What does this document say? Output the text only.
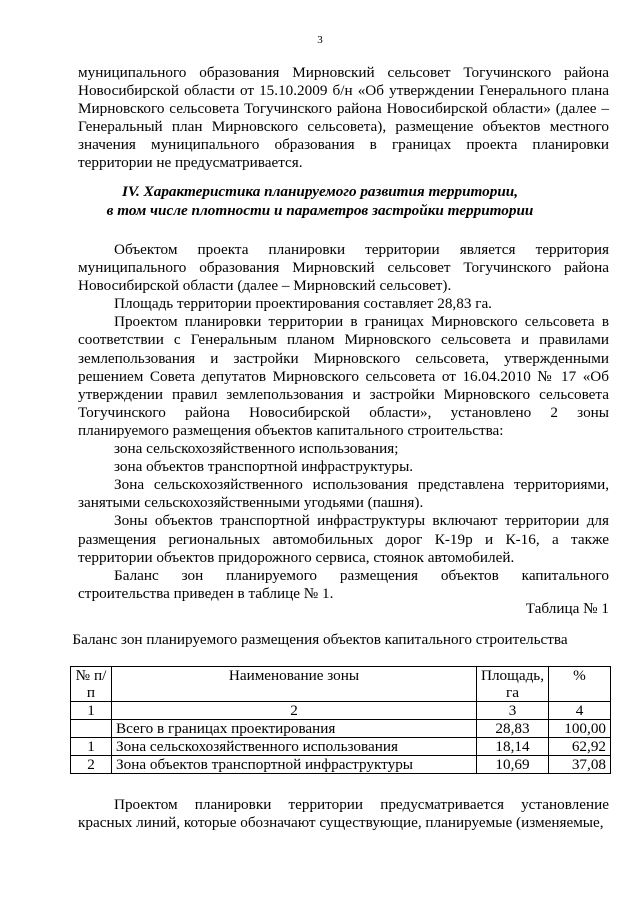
3

муниципального образования Мирновский сельсовет Тогучинского района Новосибирской области от 15.10.2009 б/н «Об утверждении Генерального плана Мирновского сельсовета Тогучинского района Новосибирской области» (далее – Генеральный план Мирновского сельсовета), размещение объектов местного значения муниципального образования в границах проекта планировки территории не предусматривается.

IV. Характеристика планируемого развития территории,
в том числе плотности и параметров застройки территории

Объектом проекта планировки территории является территория муниципального образования Мирновский сельсовет Тогучинского района Новосибирской области (далее – Мирновский сельсовет).

Площадь территории проектирования составляет 28,83 га.

Проектом планировки территории в границах Мирновского сельсовета в соответствии с Генеральным планом Мирновского сельсовета и правилами землепользования и застройки Мирновского сельсовета, утвержденными решением Совета депутатов Мирновского сельсовета от 16.04.2010 № 17 «Об утверждении правил землепользования и застройки Мирновского сельсовета Тогучинского района Новосибирской области», установлено 2 зоны планируемого размещения объектов капитального строительства:

зона сельскохозяйственного использования;

зона объектов транспортной инфраструктуры.

Зона сельскохозяйственного использования представлена территориями, занятыми сельскохозяйственными угодьями (пашня).

Зоны объектов транспортной инфраструктуры включают территории для размещения региональных автомобильных дорог К-19р и К-16, а также территории объектов придорожного сервиса, стоянок автомобилей.

Баланс зон планируемого размещения объектов капитального строительства приведен в таблице № 1.

Таблица № 1
Баланс зон планируемого размещения объектов капитального строительства
№ п/п	Наименование зоны	Площадь, га	%
1	2	3	4
	Всего в границах проектирования	28,83	100,00
1	Зона сельскохозяйственного использования	18,14	62,92
2	Зона объектов транспортной инфраструктуры	10,69	37,08

Проектом планировки территории предусматривается установление красных линий, которые обозначают существующие, планируемые (изменяемые,
